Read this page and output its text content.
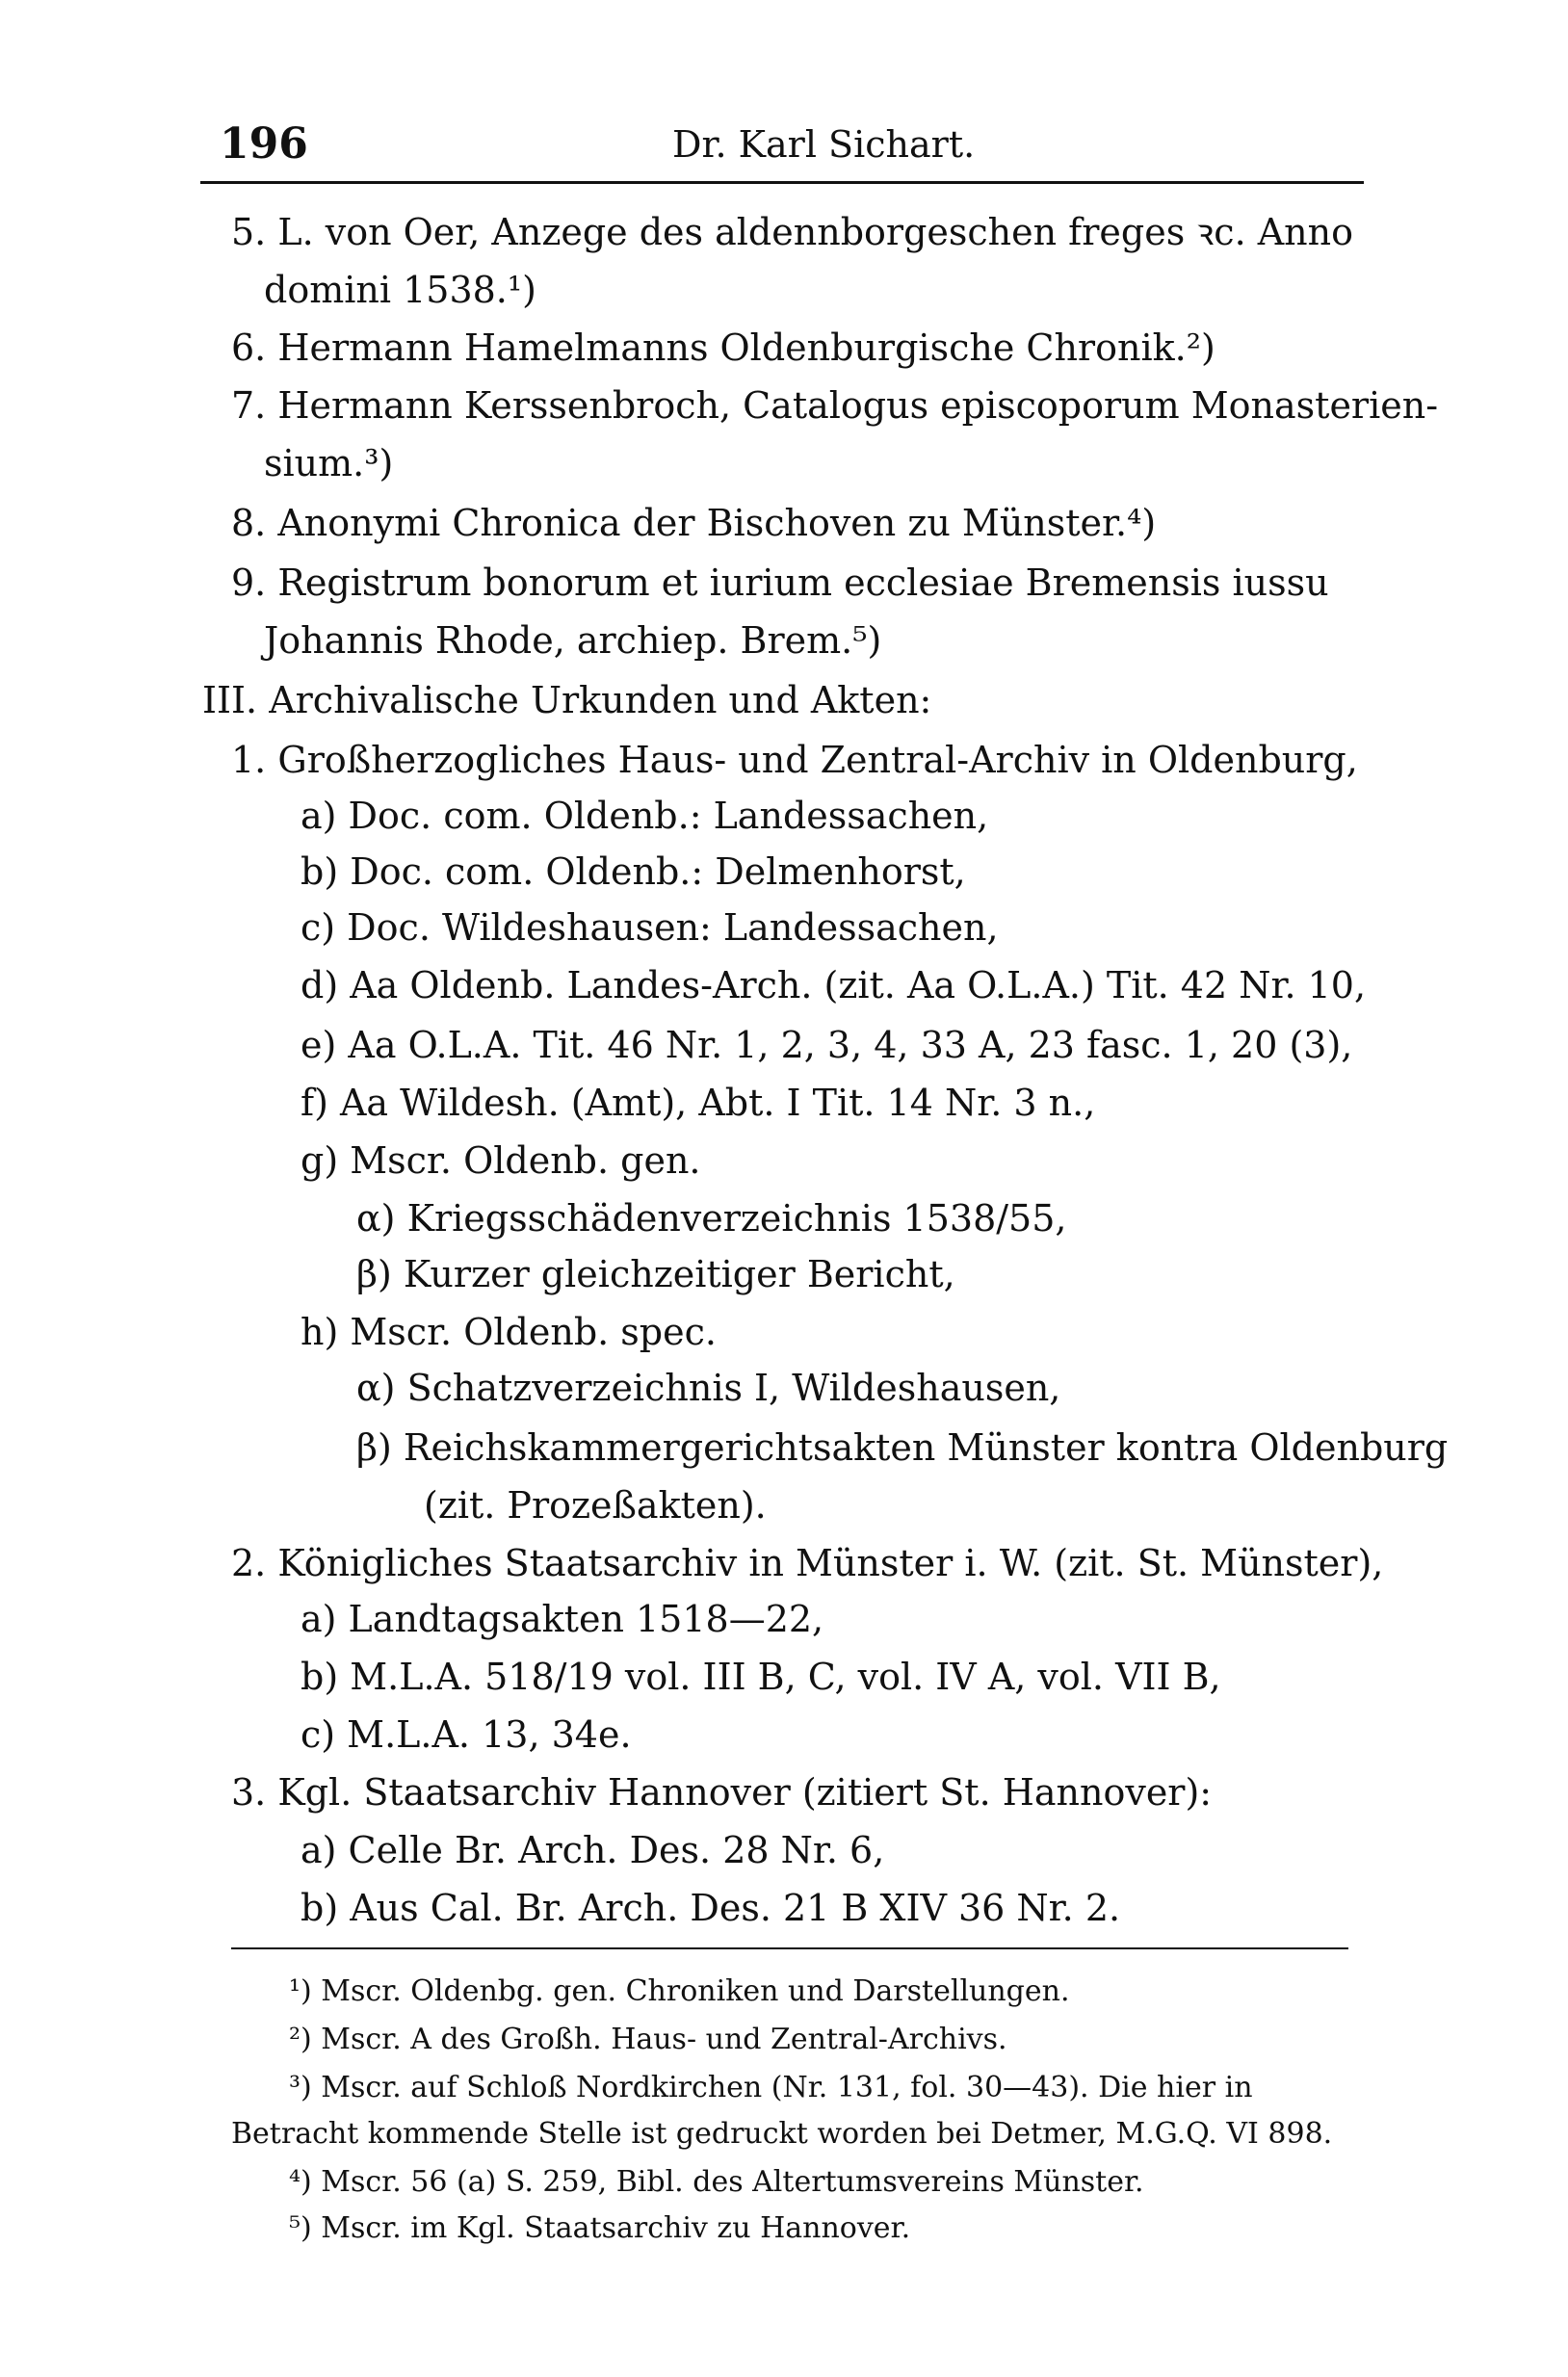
196	Dr. Karl Sichart.
5. L. von Oer, Anzege des aldennborgeschen freges ꝛc. Anno
domini 1538.¹)
6. Hermann Hamelmanns Oldenburgische Chronik.²)
7. Hermann Kerssenbroch, Catalogus episcoporum Monasterien-
sium.³)
8. Anonymi Chronica der Bischoven zu Münster.⁴)
9. Registrum bonorum et iurium ecclesiae Bremensis iussu
Johannis Rhode, archiep. Brem.⁵)
III. Archivalische Urkunden und Akten:
1. Großherzogliches Haus- und Zentral-Archiv in Oldenburg,
a) Doc. com. Oldenb.: Landessachen,
b) Doc. com. Oldenb.: Delmenhorst,
c) Doc. Wildeshausen: Landessachen,
d) Aa Oldenb. Landes-Arch. (zit. Aa O.L.A.) Tit. 42 Nr. 10,
e) Aa O.L.A. Tit. 46 Nr. 1, 2, 3, 4, 33 A, 23 fasc. 1, 20 (3),
f) Aa Wildesh. (Amt), Abt. I Tit. 14 Nr. 3 n.,
g) Mscr. Oldenb. gen.
α) Kriegsschädenverzeichnis 1538/55,
β) Kurzer gleichzeitiger Bericht,
h) Mscr. Oldenb. spec.
α) Schatzverzeichnis I, Wildeshausen,
β) Reichskammergerichtsakten Münster kontra Oldenburg
(zit. Prozeßakten).
2. Königliches Staatsarchiv in Münster i. W. (zit. St. Münster),
a) Landtagsakten 1518—22,
b) M.L.A. 518/19 vol. III B, C, vol. IV A, vol. VII B,
c) M.L.A. 13, 34e.
3. Kgl. Staatsarchiv Hannover (zitiert St. Hannover):
a) Celle Br. Arch. Des. 28 Nr. 6,
b) Aus Cal. Br. Arch. Des. 21 B XIV 36 Nr. 2.
¹) Mscr. Oldenbg. gen. Chroniken und Darstellungen.
²) Mscr. A des Großh. Haus- und Zentral-Archivs.
³) Mscr. auf Schloß Nordkirchen (Nr. 131, fol. 30—43). Die hier in
Betracht kommende Stelle ist gedruckt worden bei Detmer, M.G.Q. VI 898.
⁴) Mscr. 56 (a) S. 259, Bibl. des Altertumsvereins Münster.
⁵) Mscr. im Kgl. Staatsarchiv zu Hannover.
